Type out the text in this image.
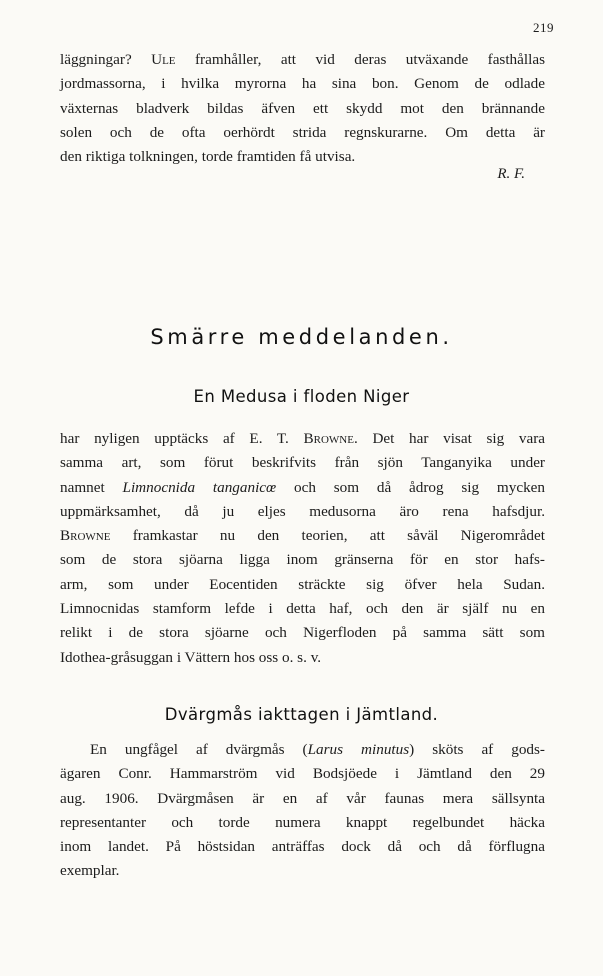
219
läggningar? Ule framhåller, att vid deras utväxande fasthållas
jordmassorna, i hvilka myrorna ha sina bon. Genom de odlade
växternas bladverk bildas äfven ett skydd mot den brännande
solen och de ofta oerhördt strida regnskurarne. Om detta är
den riktiga tolkningen, torde framtiden få utvisa.
R. F.
Smärre meddelanden.
En Medusa i floden Niger
har nyligen upptäcks af E. T. Browne. Det har visat sig vara
samma art, som förut beskrifvits från sjön Tanganyika under
namnet Limnocnida tanganicœ och som då ådrog sig mycken
uppmärksamhet, då ju eljes medusorna äro rena hafsdjur.
Browne framkastar nu den teorien, att såväl Nigerområdet
som de stora sjöarna ligga inom gränserna för en stor hafs-
arm, som under Eocentiden sträckte sig öfver hela Sudan.
Limnocnidas stamform lefde i detta haf, och den är själf nu en
relikt i de stora sjöarne och Nigerfloden på samma sätt som
Idothea-gråsuggan i Vättern hos oss o. s. v.
Dvärgmås iakttagen i Jämtland.
En ungfågel af dvärgmås (Larus minutus) sköts af gods-
ägaren Conr. Hammarström vid Bodsjöede i Jämtland den 29
aug. 1906. Dvärgmåsen är en af vår faunas mera sällsynta
representanter och torde numera knappt regelbundet häcka
inom landet. På höstsidan anträffas dock då och då förflugna
exemplar.
